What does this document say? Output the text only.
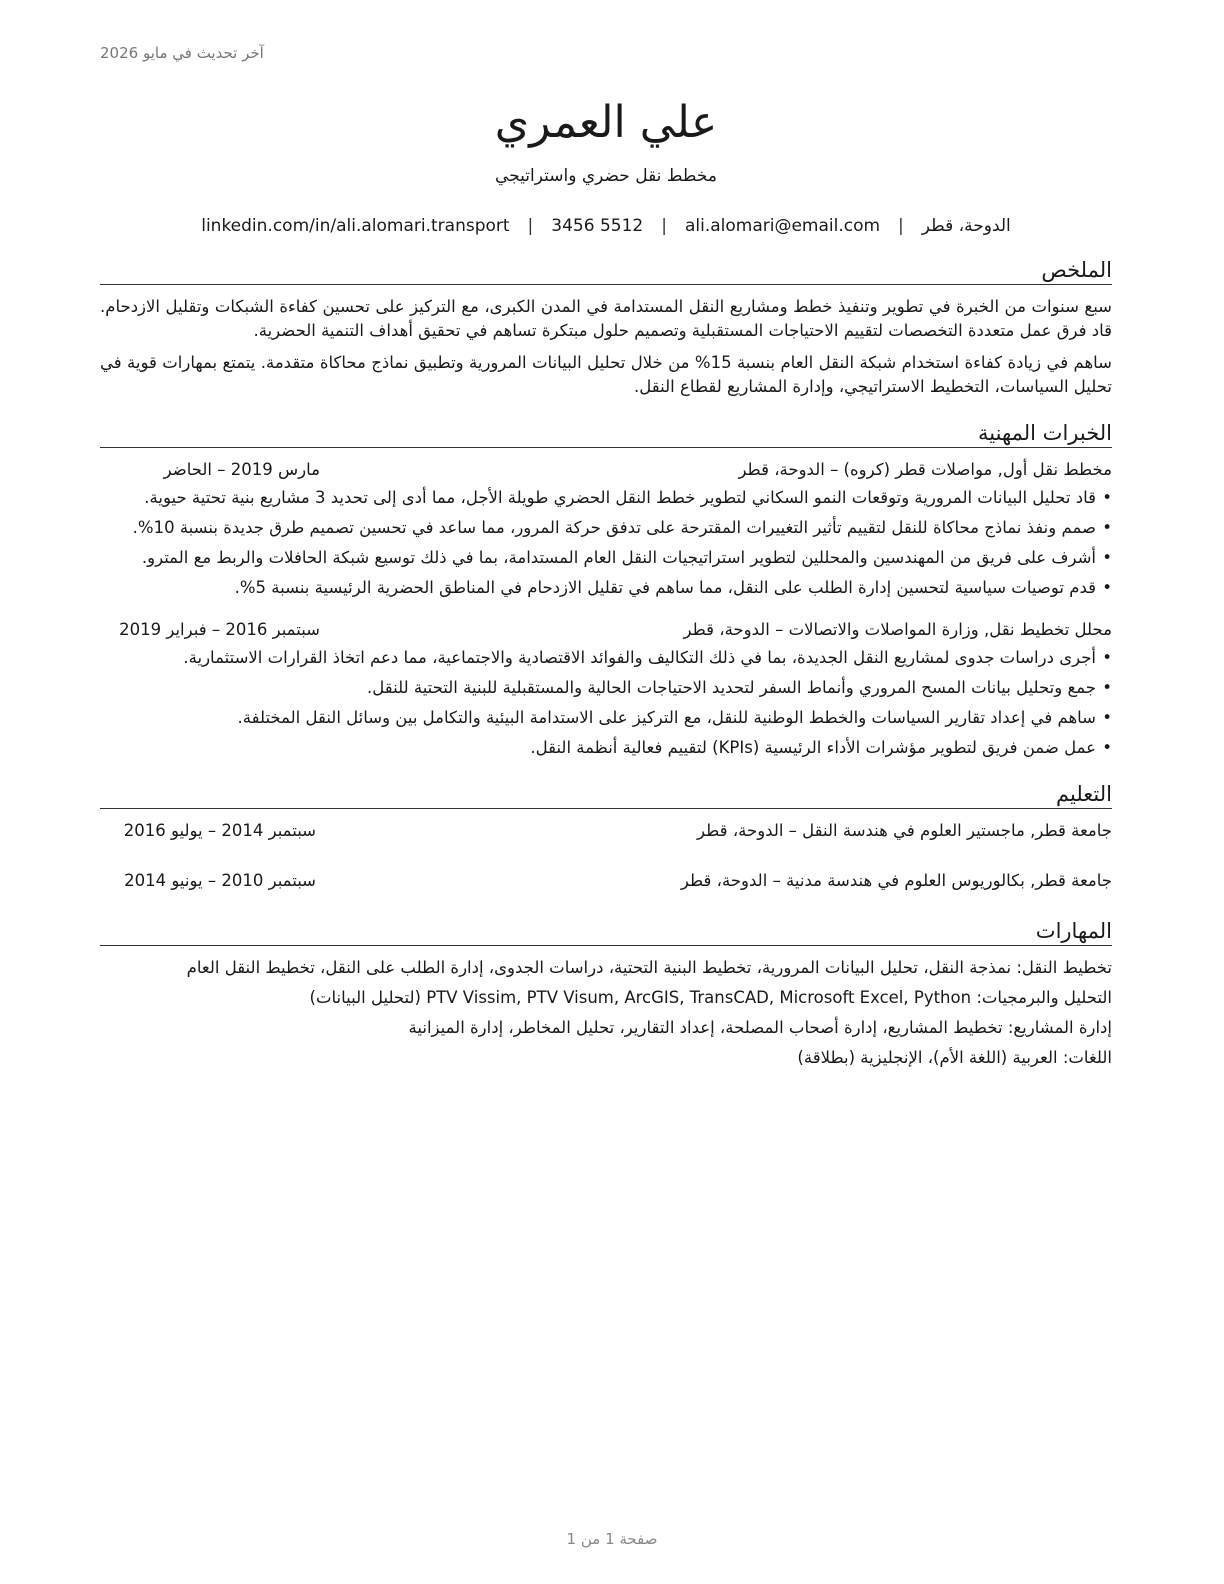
آخر تحديث في مايو 2026
علي العمري
مخطط نقل حضري واستراتيجي
الدوحة، قطر
|
ali.alomari@email.com
|
3456 5512
|
linkedin.com/in/ali.alomari.transport
الملخص

سبع سنوات من الخبرة في تطوير وتنفيذ خطط ومشاريع النقل المستدامة في المدن الكبرى، مع التركيز على تحسين كفاءة الشبكات وتقليل الازدحام. قاد فرق عمل متعددة التخصصات لتقييم الاحتياجات المستقبلية وتصميم حلول مبتكرة تساهم في تحقيق أهداف التنمية الحضرية.

ساهم في زيادة كفاءة استخدام شبكة النقل العام بنسبة 15% من خلال تحليل البيانات المرورية وتطبيق نماذج محاكاة متقدمة. يتمتع بمهارات قوية في تحليل السياسات، التخطيط الاستراتيجي، وإدارة المشاريع لقطاع النقل.

الخبرات المهنية
مخطط نقل أول, مواصلات قطر (كروه) – الدوحة، قطر
مارس 2019 – الحاضر
• قاد تحليل البيانات المرورية وتوقعات النمو السكاني لتطوير خطط النقل الحضري طويلة الأجل، مما أدى إلى تحديد 3 مشاريع بنية تحتية حيوية.
• صمم ونفذ نماذج محاكاة للنقل لتقييم تأثير التغييرات المقترحة على تدفق حركة المرور، مما ساعد في تحسين تصميم طرق جديدة بنسبة 10%.
• أشرف على فريق من المهندسين والمحللين لتطوير استراتيجيات النقل العام المستدامة، بما في ذلك توسيع شبكة الحافلات والربط مع المترو.
• قدم توصيات سياسية لتحسين إدارة الطلب على النقل، مما ساهم في تقليل الازدحام في المناطق الحضرية الرئيسية بنسبة 5%.
محلل تخطيط نقل, وزارة المواصلات والاتصالات – الدوحة، قطر
سبتمبر 2016 – فبراير 2019
• أجرى دراسات جدوى لمشاريع النقل الجديدة، بما في ذلك التكاليف والفوائد الاقتصادية والاجتماعية، مما دعم اتخاذ القرارات الاستثمارية.
• جمع وتحليل بيانات المسح المروري وأنماط السفر لتحديد الاحتياجات الحالية والمستقبلية للبنية التحتية للنقل.
• ساهم في إعداد تقارير السياسات والخطط الوطنية للنقل، مع التركيز على الاستدامة البيئية والتكامل بين وسائل النقل المختلفة.
• عمل ضمن فريق لتطوير مؤشرات الأداء الرئيسية (KPIs) لتقييم فعالية أنظمة النقل.
التعليم
جامعة قطر, ماجستير العلوم في هندسة النقل – الدوحة، قطر
سبتمبر 2014 – يوليو 2016
جامعة قطر, بكالوريوس العلوم في هندسة مدنية – الدوحة، قطر
سبتمبر 2010 – يونيو 2014
المهارات
تخطيط النقل: نمذجة النقل، تحليل البيانات المرورية، تخطيط البنية التحتية، دراسات الجدوى، إدارة الطلب على النقل، تخطيط النقل العام
التحليل والبرمجيات: PTV Vissim, PTV Visum, ArcGIS, TransCAD, Microsoft Excel, Python (لتحليل البيانات)
إدارة المشاريع: تخطيط المشاريع، إدارة أصحاب المصلحة، إعداد التقارير، تحليل المخاطر، إدارة الميزانية
اللغات: العربية (اللغة الأم)، الإنجليزية (بطلاقة)
صفحة 1 من 1
